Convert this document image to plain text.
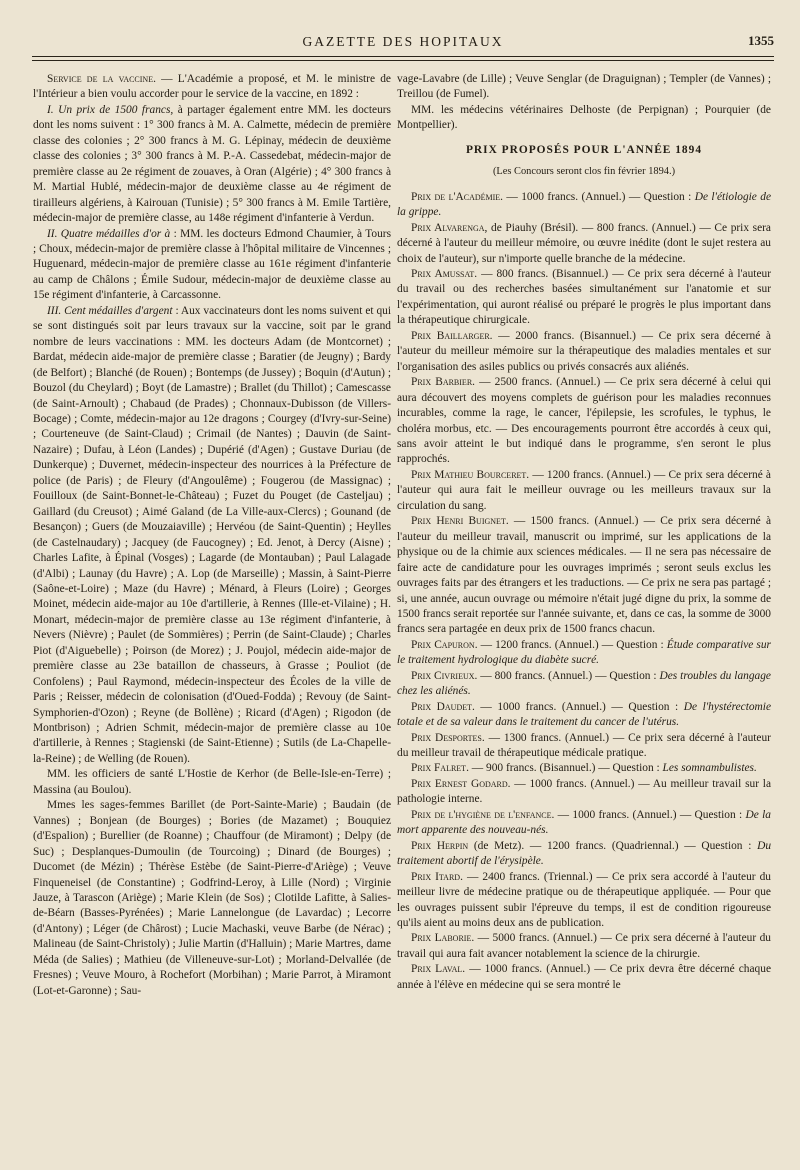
GAZETTE DES HOPITAUX	1355

Service de la vaccine. — L'Académie a proposé, et M. le ministre de l'Intérieur a bien voulu accorder pour le service de la vaccine, en 1892 :

I. Un prix de 1500 francs, à partager également entre MM. les docteurs dont les noms suivent : 1° 300 francs à M. A. Calmette, médecin de première classe des colonies ; 2° 300 francs à M. G. Lépinay, médecin de deuxième classe des colonies ; 3° 300 francs à M. P.-A. Cassedebat, médecin-major de première classe au 2e régiment de zouaves, à Oran (Algérie) ; 4° 300 francs à M. Martial Hublé, médecin-major de deuxième classe au 4e régiment de tirailleurs algériens, à Kairouan (Tunisie) ; 5° 300 francs à M. Emile Tartière, médecin-major de première classe, au 148e régiment d'infanterie à Verdun.

II. Quatre médailles d'or à : MM. les docteurs Edmond Chaumier, à Tours ; Choux, médecin-major de première classe à l'hôpital militaire de Vincennes ; Huguenard, médecin-major de première classe au 161e régiment d'infanterie au camp de Châlons ; Émile Sudour, médecin-major de deuxième classe au 15e régiment d'infanterie, à Carcassonne.

III. Cent médailles d'argent : Aux vaccinateurs dont les noms suivent et qui se sont distingués soit par leurs travaux sur la vaccine, soit par le grand nombre de leurs vaccinations : MM. les docteurs Adam (de Montcornet) ; Bardat, médecin aide-major de première classe ; Baratier (de Jeugny) ; Bardy (de Belfort) ; Blanché (de Rouen) ; Bontemps (de Jussey) ; Boquin (d'Autun) ; Bouzol (du Cheylard) ; Boyt (de Lamastre) ; Brallet (du Thillot) ; Camescasse (de Saint-Arnoult) ; Chabaud (de Prades) ; Chonnaux-Dubisson (de Villers-Bocage) ; Comte, médecin-major au 12e dragons ; Courgey (d'Ivry-sur-Seine) ; Courteneuve (de Saint-Claud) ; Crimail (de Nantes) ; Dauvin (de Saint-Nazaire) ; Dufau, à Léon (Landes) ; Dupérié (d'Agen) ; Gustave Duriau (de Dunkerque) ; Duvernet, médecin-inspecteur des nourrices à la Préfecture de police (de Paris) ; de Fleury (d'Angoulême) ; Fougerou (de Massignac) ; Fouilloux (de Saint-Bonnet-le-Château) ; Fuzet du Pouget (de Casteljau) ; Gaillard (du Creusot) ; Aimé Galand (de La Ville-aux-Clercs) ; Gounand (de Besançon) ; Guers (de Mouzaiaville) ; Hervéou (de Saint-Quentin) ; Heylles (de Castelnaudary) ; Jacquey (de Faucogney) ; Ed. Jenot, à Dercy (Aisne) ; Charles Lafite, à Épinal (Vosges) ; Lagarde (de Montauban) ; Paul Lalagade (d'Albi) ; Launay (du Havre) ; A. Lop (de Marseille) ; Massin, à Saint-Pierre (Saône-et-Loire) ; Maze (du Havre) ; Ménard, à Fleurs (Loire) ; Georges Moinet, médecin aide-major au 10e d'artillerie, à Rennes (Ille-et-Vilaine) ; H. Monart, médecin-major de première classe au 13e régiment d'infanterie, à Nevers (Nièvre) ; Paulet (de Sommières) ; Perrin (de Saint-Claude) ; Charles Piot (d'Aiguebelle) ; Poirson (de Morez) ; J. Poujol, médecin aide-major de première classe au 23e bataillon de chasseurs, à Grasse ; Pouliot (de Confolens) ; Paul Raymond, médecin-inspecteur des Écoles de la ville de Paris ; Reisser, médecin de colonisation (d'Oued-Fodda) ; Revouy (de Saint-Symphorien-d'Ozon) ; Reyne (de Bollène) ; Ricard (d'Agen) ; Rigodon (de Montbrison) ; Adrien Schmit, médecin-major de première classe au 10e d'artillerie, à Rennes ; Stagienski (de Saint-Etienne) ; Sutils (de La-Chapelle-la-Reine) ; de Welling (de Rouen).

MM. les officiers de santé L'Hostie de Kerhor (de Belle-Isle-en-Terre) ; Massina (au Boulou).

Mmes les sages-femmes Barillet (de Port-Sainte-Marie) ; Baudain (de Vannes) ; Bonjean (de Bourges) ; Bories (de Mazamet) ; Bouquiez (d'Espalion) ; Burellier (de Roanne) ; Chauffour (de Miramont) ; Delpy (de Suc) ; Desplanques-Dumoulin (de Tourcoing) ; Dinard (de Bourges) ; Ducomet (de Mézin) ; Thérèse Estèbe (de Saint-Pierre-d'Ariège) ; Veuve Finqueneisel (de Constantine) ; Godfrind-Leroy, à Lille (Nord) ; Virginie Jauze, à Tarascon (Ariège) ; Marie Klein (de Sos) ; Clotilde Lafitte, à Salies-de-Béarn (Basses-Pyrénées) ; Marie Lannelongue (de Lavardac) ; Lecorre (d'Antony) ; Léger (de Chârost) ; Lucie Machaski, veuve Barbe (de Nérac) ; Malineau (de Saint-Christoly) ; Julie Martin (d'Halluin) ; Marie Martres, dame Méda (de Salies) ; Mathieu (de Villeneuve-sur-Lot) ; Morland-Delvallée (de Fresnes) ; Veuve Mouro, à Rochefort (Morbihan) ; Marie Parrot, à Miramont (Lot-et-Garonne) ; Sau-

vage-Lavabre (de Lille) ; Veuve Senglar (de Draguignan) ; Templer (de Vannes) ; Treillou (de Fumel).

MM. les médecins vétérinaires Delhoste (de Perpignan) ; Pourquier (de Montpellier).

PRIX PROPOSÉS POUR L'ANNÉE 1894
(Les Concours seront clos fin février 1894.)

Prix de l'Académie. — 1000 francs. (Annuel.) — Question : De l'étiologie de la grippe.

Prix Alvarenga, de Piauhy (Brésil). — 800 francs. (Annuel.) — Ce prix sera décerné à l'auteur du meilleur mémoire, ou œuvre inédite (dont le sujet restera au choix de l'auteur), sur n'importe quelle branche de la médecine.

Prix Amussat. — 800 francs. (Bisannuel.) — Ce prix sera décerné à l'auteur du travail ou des recherches basées simultanément sur l'anatomie et sur l'expérimentation, qui auront réalisé ou préparé le progrès le plus important dans la thérapeutique chirurgicale.

Prix Baillarger. — 2000 francs. (Bisannuel.) — Ce prix sera décerné à l'auteur du meilleur mémoire sur la thérapeutique des maladies mentales et sur l'organisation des asiles publics ou privés consacrés aux aliénés.

Prix Barbier. — 2500 francs. (Annuel.) — Ce prix sera décerné à celui qui aura découvert des moyens complets de guérison pour les maladies reconnues incurables, comme la rage, le cancer, l'épilepsie, les scrofules, le typhus, le choléra morbus, etc. — Des encouragements pourront être accordés à ceux qui, sans avoir atteint le but indiqué dans le programme, s'en seront le plus rapprochés.

Prix Mathieu Bourceret. — 1200 francs. (Annuel.) — Ce prix sera décerné à l'auteur qui aura fait le meilleur ouvrage ou les meilleurs travaux sur la circulation du sang.

Prix Henri Buignet. — 1500 francs. (Annuel.) — Ce prix sera décerné à l'auteur du meilleur travail, manuscrit ou imprimé, sur les applications de la physique ou de la chimie aux sciences médicales. — Il ne sera pas nécessaire de faire acte de candidature pour les ouvrages imprimés ; seront seuls exclus les ouvrages faits par des étrangers et les traductions. — Ce prix ne sera pas partagé ; si, une année, aucun ouvrage ou mémoire n'était jugé digne du prix, la somme de 1500 francs serait reportée sur l'année suivante, et, dans ce cas, la somme de 3000 francs sera partagée en deux prix de 1500 francs chacun.

Prix Capuron. — 1200 francs. (Annuel.) — Question : Étude comparative sur le traitement hydrologique du diabète sucré.

Prix Civrieux. — 800 francs. (Annuel.) — Question : Des troubles du langage chez les aliénés.

Prix Daudet. — 1000 francs. (Annuel.) — Question : De l'hystérectomie totale et de sa valeur dans le traitement du cancer de l'utérus.

Prix Desportes. — 1300 francs. (Annuel.) — Ce prix sera décerné à l'auteur du meilleur travail de thérapeutique médicale pratique.

Prix Falret. — 900 francs. (Bisannuel.) — Question : Les somnambulistes.

Prix Ernest Godard. — 1000 francs. (Annuel.) — Au meilleur travail sur la pathologie interne.

Prix de l'hygiène de l'enfance. — 1000 francs. (Annuel.) — Question : De la mort apparente des nouveau-nés.

Prix Herpin (de Metz). — 1200 francs. (Quadriennal.) — Question : Du traitement abortif de l'érysipèle.

Prix Itard. — 2400 francs. (Triennal.) — Ce prix sera accordé à l'auteur du meilleur livre de médecine pratique ou de thérapeutique appliquée. — Pour que les ouvrages puissent subir l'épreuve du temps, il est de condition rigoureuse qu'ils aient au moins deux ans de publication.

Prix Laborie. — 5000 francs. (Annuel.) — Ce prix sera décerné à l'auteur du travail qui aura fait avancer notablement la science de la chirurgie.

Prix Laval. — 1000 francs. (Annuel.) — Ce prix devra être décerné chaque année à l'élève en médecine qui se sera montré le
